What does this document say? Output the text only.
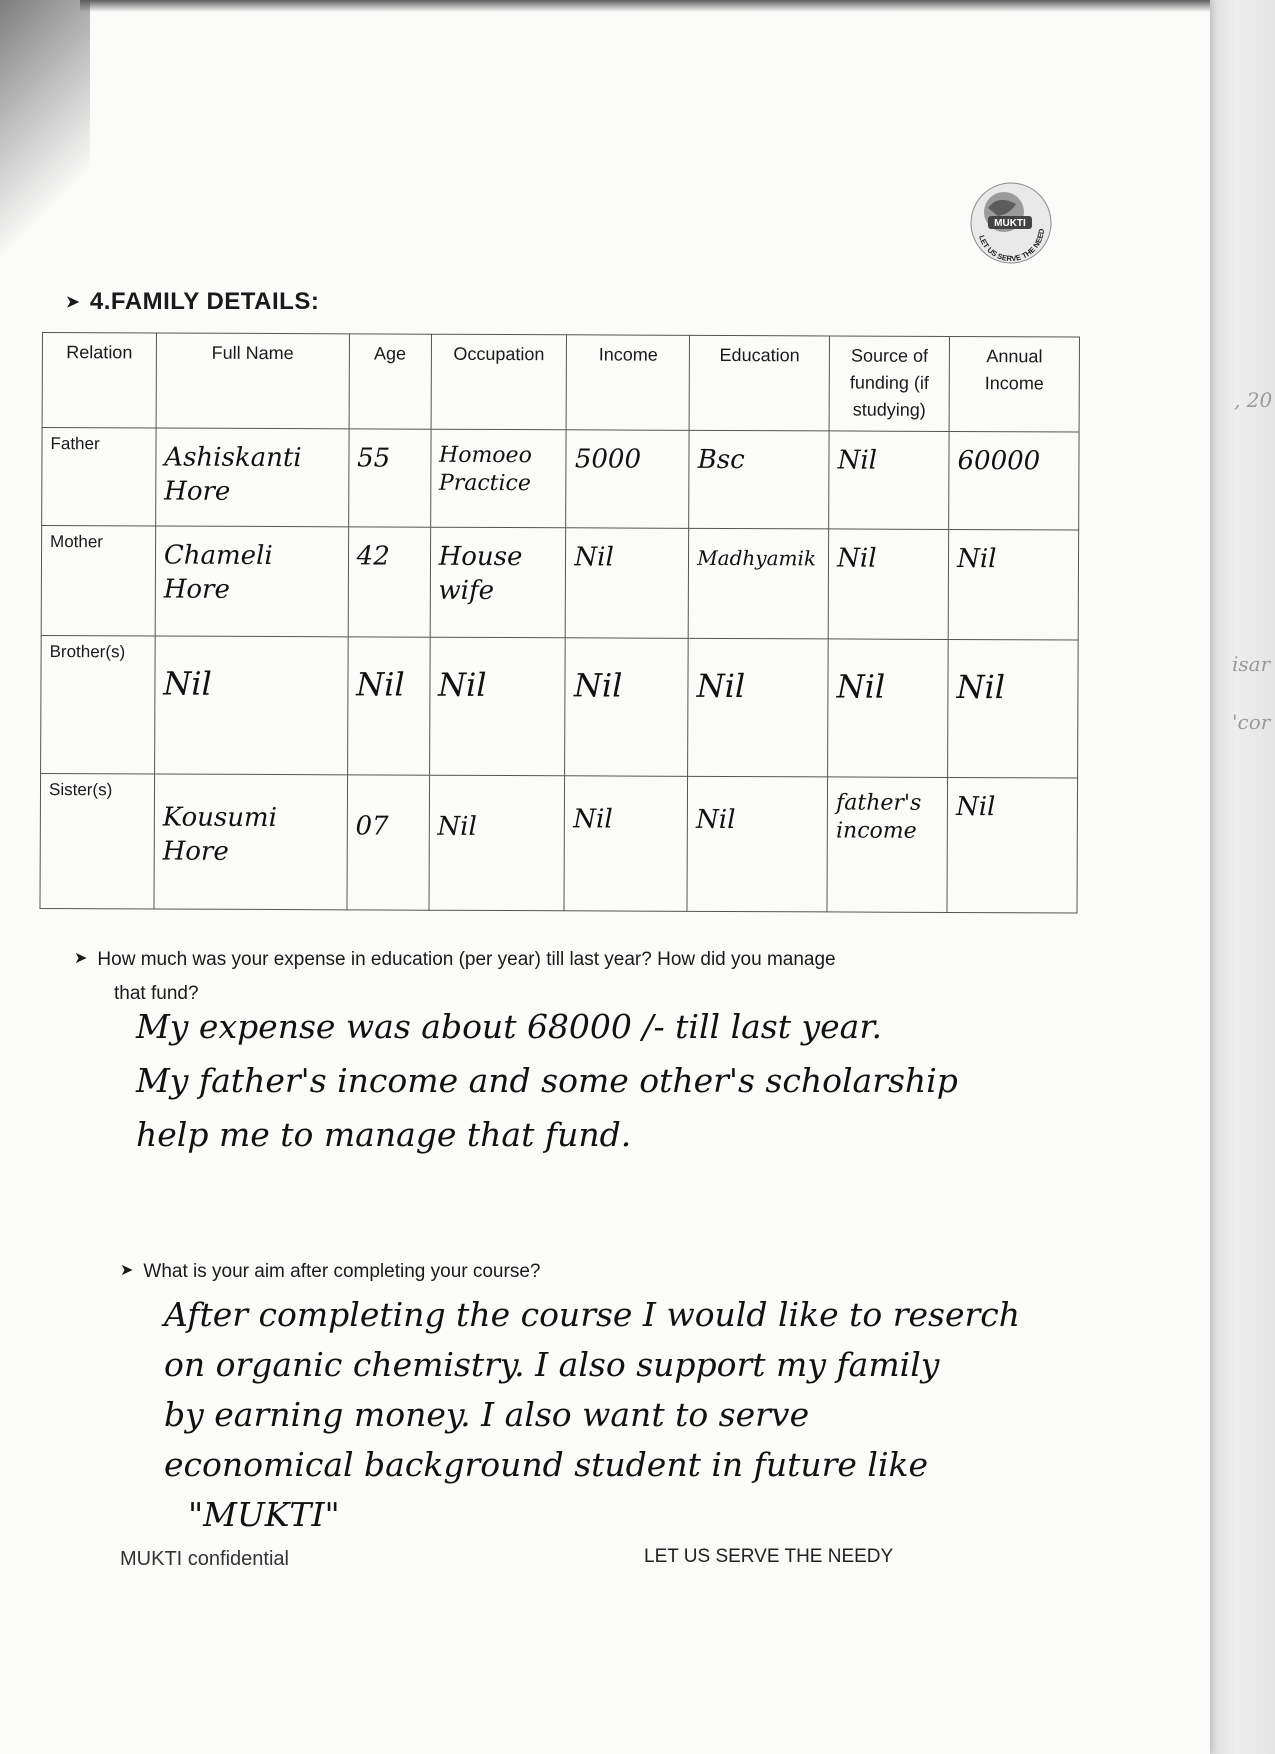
, 20
isar
'cor
MUKTI
LET US SERVE THE NEED
➤ 4.FAMILY DETAILS:
Relation	Full Name	Age	Occupation	Income	Education	Source of funding (if studying)	Annual Income
Father	Ashiskanti Hore	55	Homoeo Practice	5000	Bsc	Nil	60000

Mother	Chameli Hore	42	House wife	Nil	Madhyamik	Nil	Nil

Brother(s)	Nil	Nil	Nil	Nil	Nil	Nil	Nil

Sister(s)	Kousumi Hore	07	Nil	Nil	Nil	father's income	Nil
➤ How much was your expense in education (per year) till last year? How did you manage
that fund?
My expense was about 68000 /- till last year.
My father's income and some other's scholarship
help me to manage that fund.
➤ What is your aim after completing your course?
After completing the course I would like to reserch
on organic chemistry. I also support my family
by earning money. I also want to serve
economical background student in future like
"MUKTI"
MUKTI confidential	LET US SERVE THE NEEDY
